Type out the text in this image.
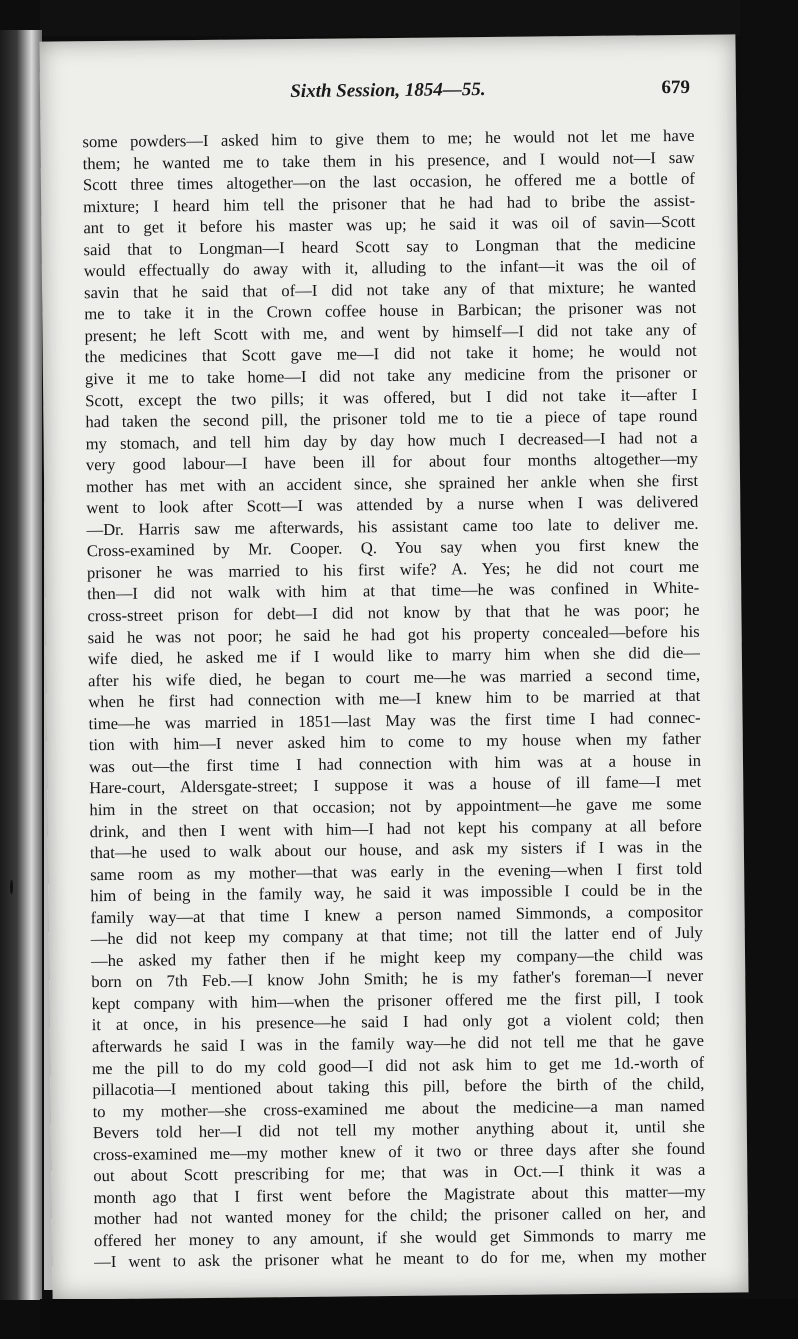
Sixth Session, 1854—55.	679
some powders—I asked him to give them to me; he would not let me have
them; he wanted me to take them in his presence, and I would not—I saw
Scott three times altogether—on the last occasion, he offered me a bottle of
mixture; I heard him tell the prisoner that he had had to bribe the assist-
ant to get it before his master was up; he said it was oil of savin—Scott
said that to Longman—I heard Scott say to Longman that the medicine
would effectually do away with it, alluding to the infant—it was the oil of
savin that he said that of—I did not take any of that mixture; he wanted
me to take it in the Crown coffee house in Barbican; the prisoner was not
present; he left Scott with me, and went by himself—I did not take any of
the medicines that Scott gave me—I did not take it home; he would not
give it me to take home—I did not take any medicine from the prisoner or
Scott, except the two pills; it was offered, but I did not take it—after I
had taken the second pill, the prisoner told me to tie a piece of tape round
my stomach, and tell him day by day how much I decreased—I had not a
very good labour—I have been ill for about four months altogether—my
mother has met with an accident since, she sprained her ankle when she first
went to look after Scott—I was attended by a nurse when I was delivered
—Dr. Harris saw me afterwards, his assistant came too late to deliver me.
Cross-examined by Mr. Cooper. Q. You say when you first knew the
prisoner he was married to his first wife? A. Yes; he did not court me
then—I did not walk with him at that time—he was confined in White-
cross-street prison for debt—I did not know by that that he was poor; he
said he was not poor; he said he had got his property concealed—before his
wife died, he asked me if I would like to marry him when she did die—
after his wife died, he began to court me—he was married a second time,
when he first had connection with me—I knew him to be married at that
time—he was married in 1851—last May was the first time I had connec-
tion with him—I never asked him to come to my house when my father
was out—the first time I had connection with him was at a house in
Hare-court, Aldersgate-street; I suppose it was a house of ill fame—I met
him in the street on that occasion; not by appointment—he gave me some
drink, and then I went with him—I had not kept his company at all before
that—he used to walk about our house, and ask my sisters if I was in the
same room as my mother—that was early in the evening—when I first told
him of being in the family way, he said it was impossible I could be in the
family way—at that time I knew a person named Simmonds, a compositor
—he did not keep my company at that time; not till the latter end of July
—he asked my father then if he might keep my company—the child was
born on 7th Feb.—I know John Smith; he is my father's foreman—I never
kept company with him—when the prisoner offered me the first pill, I took
it at once, in his presence—he said I had only got a violent cold; then
afterwards he said I was in the family way—he did not tell me that he gave
me the pill to do my cold good—I did not ask him to get me 1d.-worth of
pillacotia—I mentioned about taking this pill, before the birth of the child,
to my mother—she cross-examined me about the medicine—a man named
Bevers told her—I did not tell my mother anything about it, until she
cross-examined me—my mother knew of it two or three days after she found
out about Scott prescribing for me; that was in Oct.—I think it was a
month ago that I first went before the Magistrate about this matter—my
mother had not wanted money for the child; the prisoner called on her, and
offered her money to any amount, if she would get Simmonds to marry me
—I went to ask the prisoner what he meant to do for me, when my mother
